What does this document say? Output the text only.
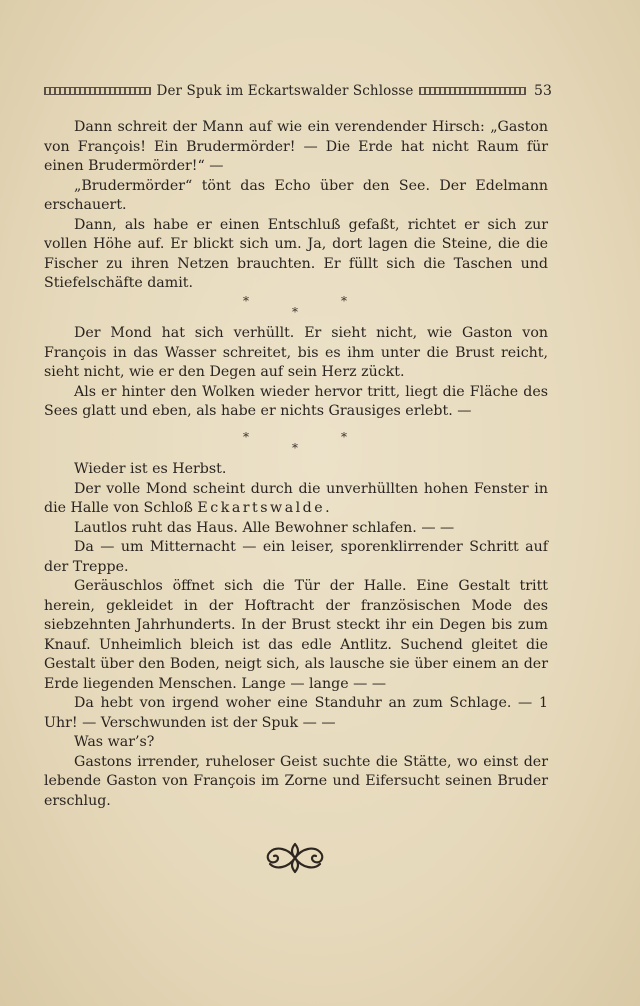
Der Spuk im Eckartswalder Schlosse	53

Dann schreit der Mann auf wie ein verendender Hirsch: „Gaston von François! Ein Brudermörder! — Die Erde hat nicht Raum für einen Brudermörder!“ —

„Brudermörder“ tönt das Echo über den See. Der Edelmann erschauert.

Dann, als habe er einen Entschluß gefaßt, richtet er sich zur vollen Höhe auf. Er blickt sich um. Ja, dort lagen die Steine, die die Fischer zu ihren Netzen brauchten. Er füllt sich die Taschen und Stiefelschäfte damit.

*	*
*

Der Mond hat sich verhüllt. Er sieht nicht, wie Gaston von François in das Wasser schreitet, bis es ihm unter die Brust reicht, sieht nicht, wie er den Degen auf sein Herz zückt.

Als er hinter den Wolken wieder hervor tritt, liegt die Fläche des Sees glatt und eben, als habe er nichts Grausiges erlebt. —

*	*
*

Wieder ist es Herbst.

Der volle Mond scheint durch die unverhüllten hohen Fenster in die Halle von Schloß Eckartswalde.

Lautlos ruht das Haus. Alle Bewohner schlafen. — —

Da — um Mitternacht — ein leiser, sporenklirrender Schritt auf der Treppe.

Geräuschlos öffnet sich die Tür der Halle. Eine Gestalt tritt herein, gekleidet in der Hoftracht der französischen Mode des siebzehnten Jahrhunderts. In der Brust steckt ihr ein Degen bis zum Knauf. Unheimlich bleich ist das edle Antlitz. Suchend gleitet die Gestalt über den Boden, neigt sich, als lausche sie über einem an der Erde liegenden Menschen. Lange — lange — —

Da hebt von irgend woher eine Standuhr an zum Schlage. — 1 Uhr! — Verschwunden ist der Spuk — —

Was war’s?

Gastons irrender, ruheloser Geist suchte die Stätte, wo einst der lebende Gaston von François im Zorne und Eifersucht seinen Bruder erschlug.
